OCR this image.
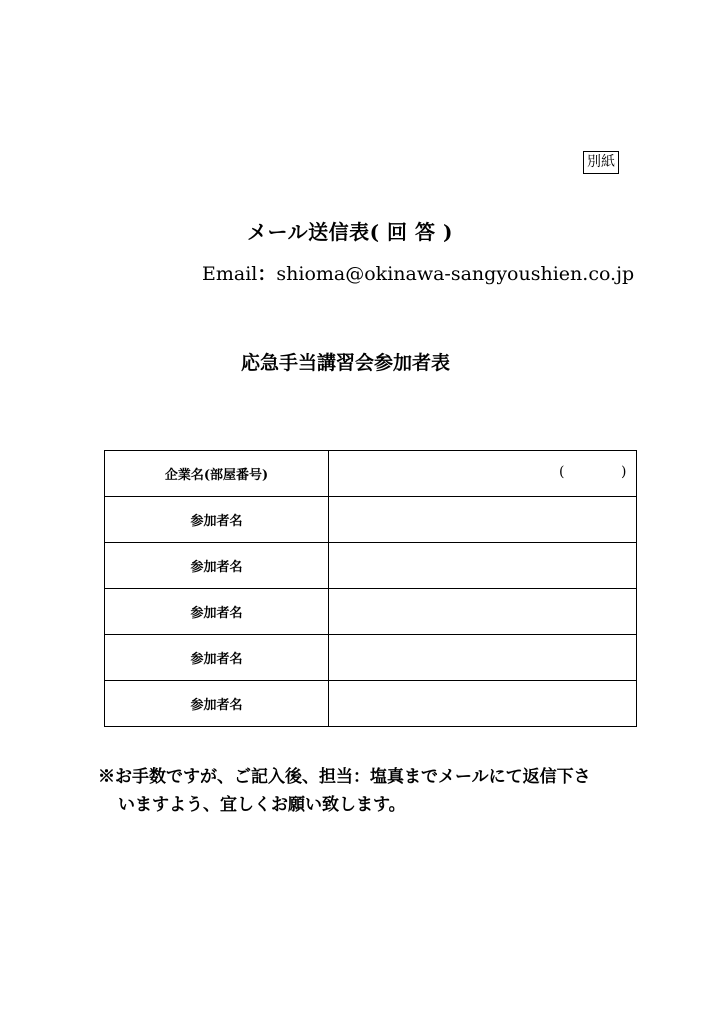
別紙
メール送信表( 回 答 )
Email：shioma@okinawa-sangyoushien.co.jp
応急手当講習会参加者表
企業名(部屋番号)	( )

参加者名	
参加者名	
参加者名	
参加者名	
参加者名	
※お手数ですが、ご記入後、担当：塩真までメールにて返信下さ
いますよう、宜しくお願い致します。
